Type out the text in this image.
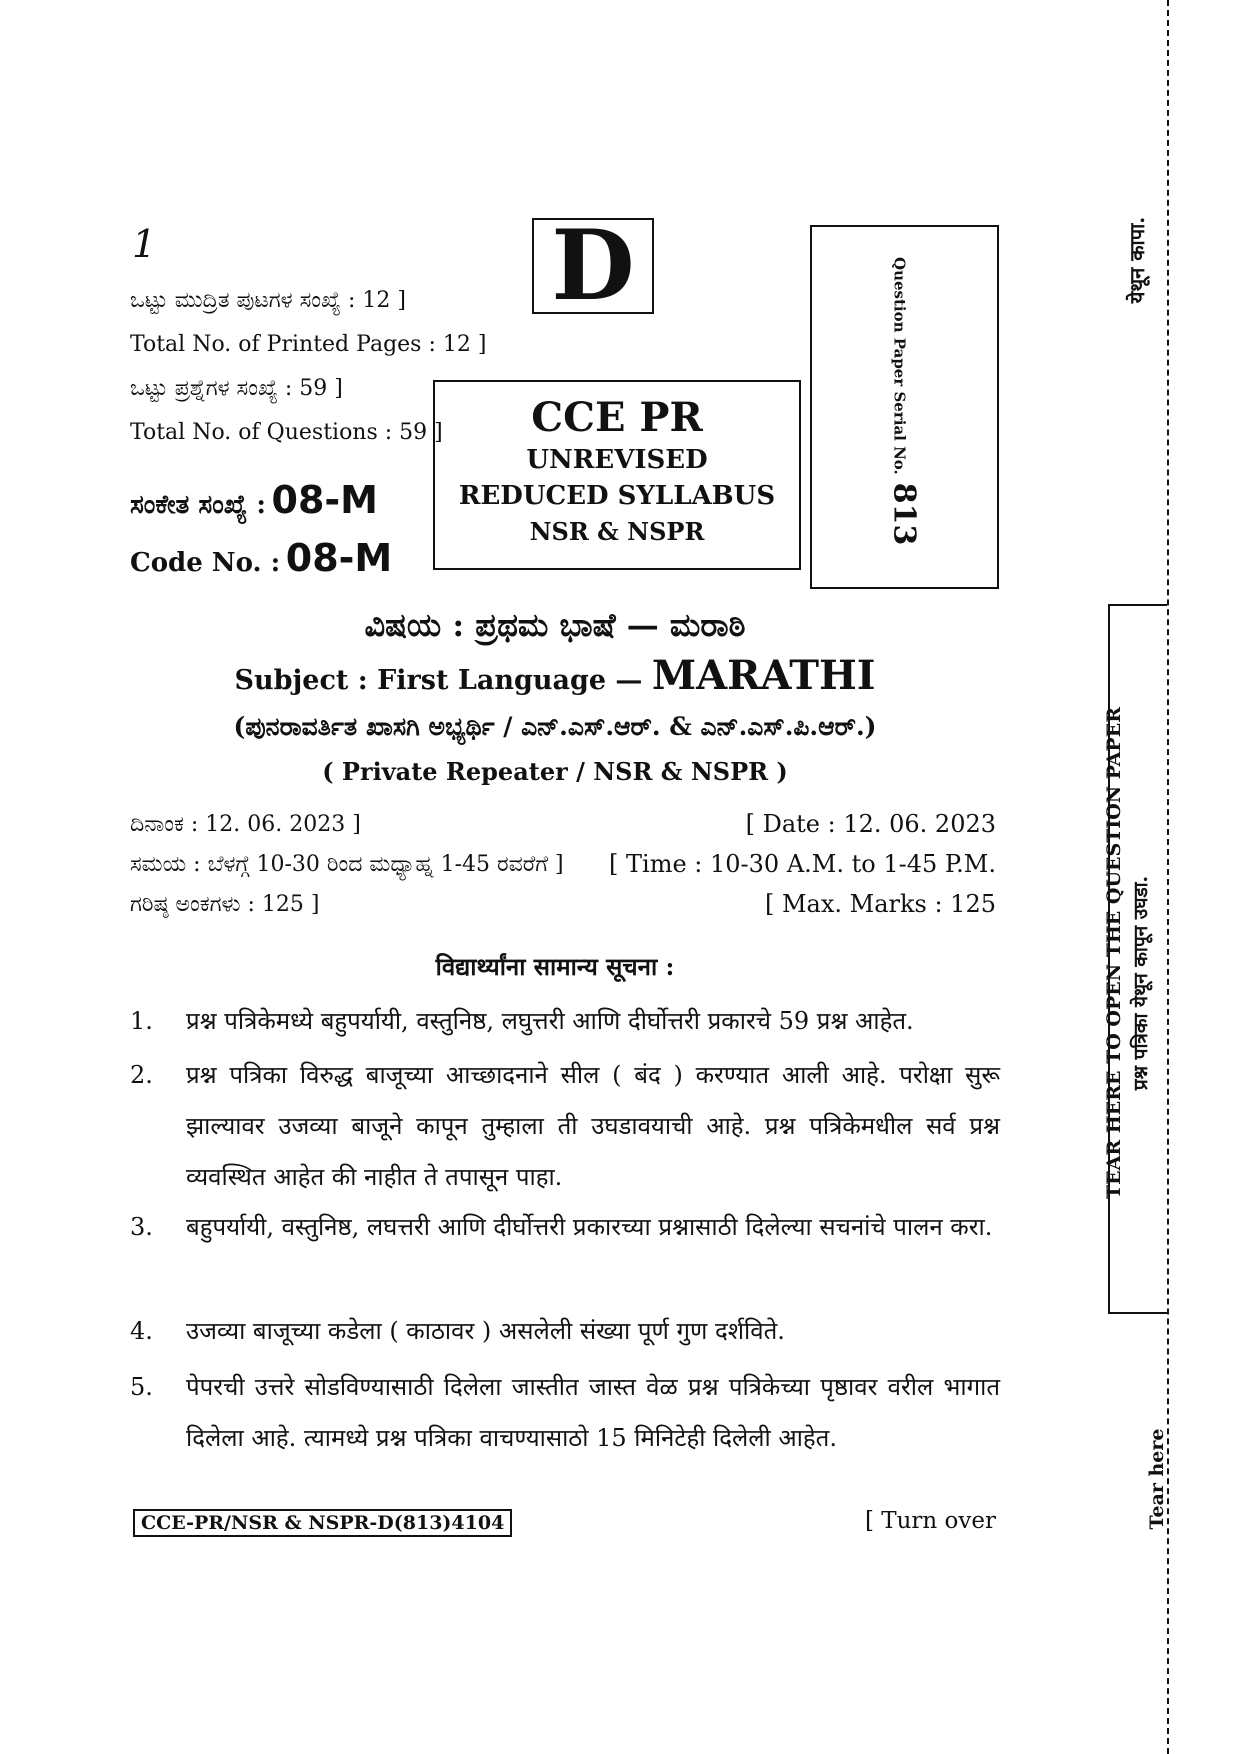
1
ಒಟ್ಟು ಮುದ್ರಿತ ಪುಟಗಳ ಸಂಖ್ಯೆ : 12 ]
Total No. of Printed Pages : 12 ]
ಒಟ್ಟು ಪ್ರಶ್ನೆಗಳ ಸಂಖ್ಯೆ : 59 ]
Total No. of Questions : 59 ]
ಸಂಕೇತ ಸಂಖ್ಯೆ : 08-M
Code No. : 08-M
D
CCE PR
UNREVISED
REDUCED SYLLABUS
NSR & NSPR
Question Paper Serial No.813
ವಿಷಯ : ಪ್ರಥಮ ಭಾಷೆ — ಮರಾಠಿ
Subject : First Language — MARATHI
(ಪುನರಾವರ್ತಿತ ಖಾಸಗಿ ಅಭ್ಯರ್ಥಿ / ಎನ್.ಎಸ್.ಆರ್. & ಎನ್.ಎಸ್.ಪಿ.ಆರ್.)
( Private Repeater / NSR & NSPR )
ದಿನಾಂಕ : 12. 06. 2023 ]	[ Date : 12. 06. 2023
ಸಮಯ : ಬೆಳಗ್ಗೆ 10-30 ರಿಂದ ಮಧ್ಯಾಹ್ನ 1-45 ರವರೆಗೆ ] [ Time : 10-30 A.M. to 1-45 P.M.
ಗರಿಷ್ಠ ಅಂಕಗಳು : 125 ]	[ Max. Marks : 125
विद्यार्थ्यांना सामान्य सूचना :
1. प्रश्न पत्रिकेमध्ये बहुपर्यायी, वस्तुनिष्ठ, लघुत्तरी आणि दीर्घोत्तरी प्रकारचे 59 प्रश्न आहेत.
2. प्रश्न पत्रिका विरुद्ध बाजूच्या आच्छादनाने सील ( बंद ) करण्यात आली आहे. परोक्षा सुरू झाल्यावर उजव्या बाजूने कापून तुम्हाला ती उघडावयाची आहे. प्रश्न पत्रिकेमधील सर्व प्रश्न व्यवस्थित आहेत की नाहीत ते तपासून पाहा.
3. बहुपर्यायी, वस्तुनिष्ठ, लघत्तरी आणि दीर्घोत्तरी प्रकारच्या प्रश्नासाठी दिलेल्या सचनांचे पालन करा.
4. उजव्या बाजूच्या कडेला ( काठावर ) असलेली संख्या पूर्ण गुण दर्शविते.
5. पेपरची उत्तरे सोडविण्यासाठी दिलेला जास्तीत जास्त वेळ प्रश्न पत्रिकेच्या पृष्ठावर वरील भागात दिलेला आहे. त्यामध्ये प्रश्न पत्रिका वाचण्यासाठो 15 मिनिटेही दिलेली आहेत.
CCE-PR/NSR & NSPR-D(813)4104	[ Turn over
येथून कापा.
TEAR HERE TO OPEN THE QUESTION PAPER प्रश्न पत्रिका येथून कापून उघडा.
Tear here
